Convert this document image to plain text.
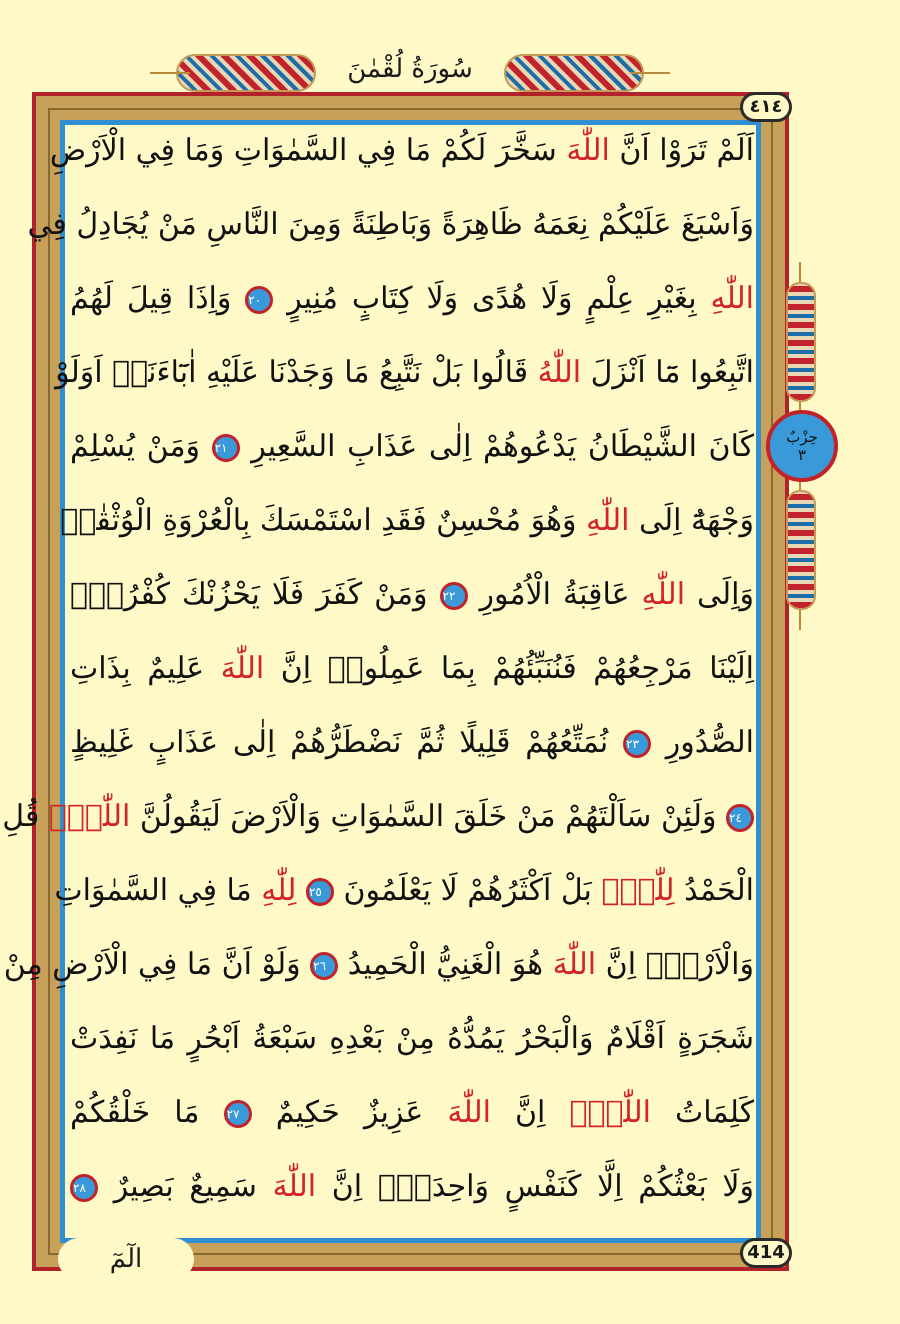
سُورَةُ لُقْمٰنَ
٤١٤
حِزْبٌ
٣
اَلَمْ تَرَوْا اَنَّ اللّٰهَ سَخَّرَ لَكُمْ مَا فِي السَّمٰوَاتِ وَمَا فِي الْاَرْضِ
وَاَسْبَغَ عَلَيْكُمْ نِعَمَهُ ظَاهِرَةً وَبَاطِنَةً وَمِنَ النَّاسِ مَنْ يُجَادِلُ فِي
اللّٰهِ بِغَيْرِ عِلْمٍ وَلَا هُدًى وَلَا كِتَابٍ مُنِيرٍ ٢٠ وَاِذَا قِيلَ لَهُمُ
اتَّبِعُوا مَٓا اَنْزَلَ اللّٰهُ قَالُوا بَلْ نَتَّبِعُ مَا وَجَدْنَا عَلَيْهِ اٰبَٓاءَنَاۜ اَوَلَوْ
كَانَ الشَّيْطَانُ يَدْعُوهُمْ اِلٰى عَذَابِ السَّعِيرِ ٢١ وَمَنْ يُسْلِمْ
وَجْهَهُٓ اِلَى اللّٰهِ وَهُوَ مُحْسِنٌ فَقَدِ اسْتَمْسَكَ بِالْعُرْوَةِ الْوُثْقٰىۜ
وَاِلَى اللّٰهِ عَاقِبَةُ الْاُمُورِ ٢٢ وَمَنْ كَفَرَ فَلَا يَحْزُنْكَ كُفْرُهُۜ
اِلَيْنَا مَرْجِعُهُمْ فَنُنَبِّئُهُمْ بِمَا عَمِلُواۜ اِنَّ اللّٰهَ عَلِيمٌ بِذَاتِ
الصُّدُورِ ٢٣ نُمَتِّعُهُمْ قَلِيلًا ثُمَّ نَضْطَرُّهُمْ اِلٰى عَذَابٍ غَلِيظٍ
٢٤ وَلَئِنْ سَاَلْتَهُمْ مَنْ خَلَقَ السَّمٰوَاتِ وَالْاَرْضَ لَيَقُولُنَّ اللّٰهُۜ قُلِ
الْحَمْدُ لِلّٰهِۜ بَلْ اَكْثَرُهُمْ لَا يَعْلَمُونَ ٢٥ لِلّٰهِ مَا فِي السَّمٰوَاتِ
وَالْاَرْضِۜ اِنَّ اللّٰهَ هُوَ الْغَنِيُّ الْحَمِيدُ ٢٦ وَلَوْ اَنَّ مَا فِي الْاَرْضِ مِنْ
شَجَرَةٍ اَقْلَامٌ وَالْبَحْرُ يَمُدُّهُ مِنْ بَعْدِهِ سَبْعَةُ اَبْحُرٍ مَا نَفِدَتْ
كَلِمَاتُ اللّٰهِۜ اِنَّ اللّٰهَ عَزِيزٌ حَكِيمٌ ٢٧ مَا خَلْقُكُمْ
وَلَا بَعْثُكُمْ اِلَّا كَنَفْسٍ وَاحِدَةٍۜ اِنَّ اللّٰهَ سَمِيعٌ بَصِيرٌ ٢٨
الٓمٓ	414
